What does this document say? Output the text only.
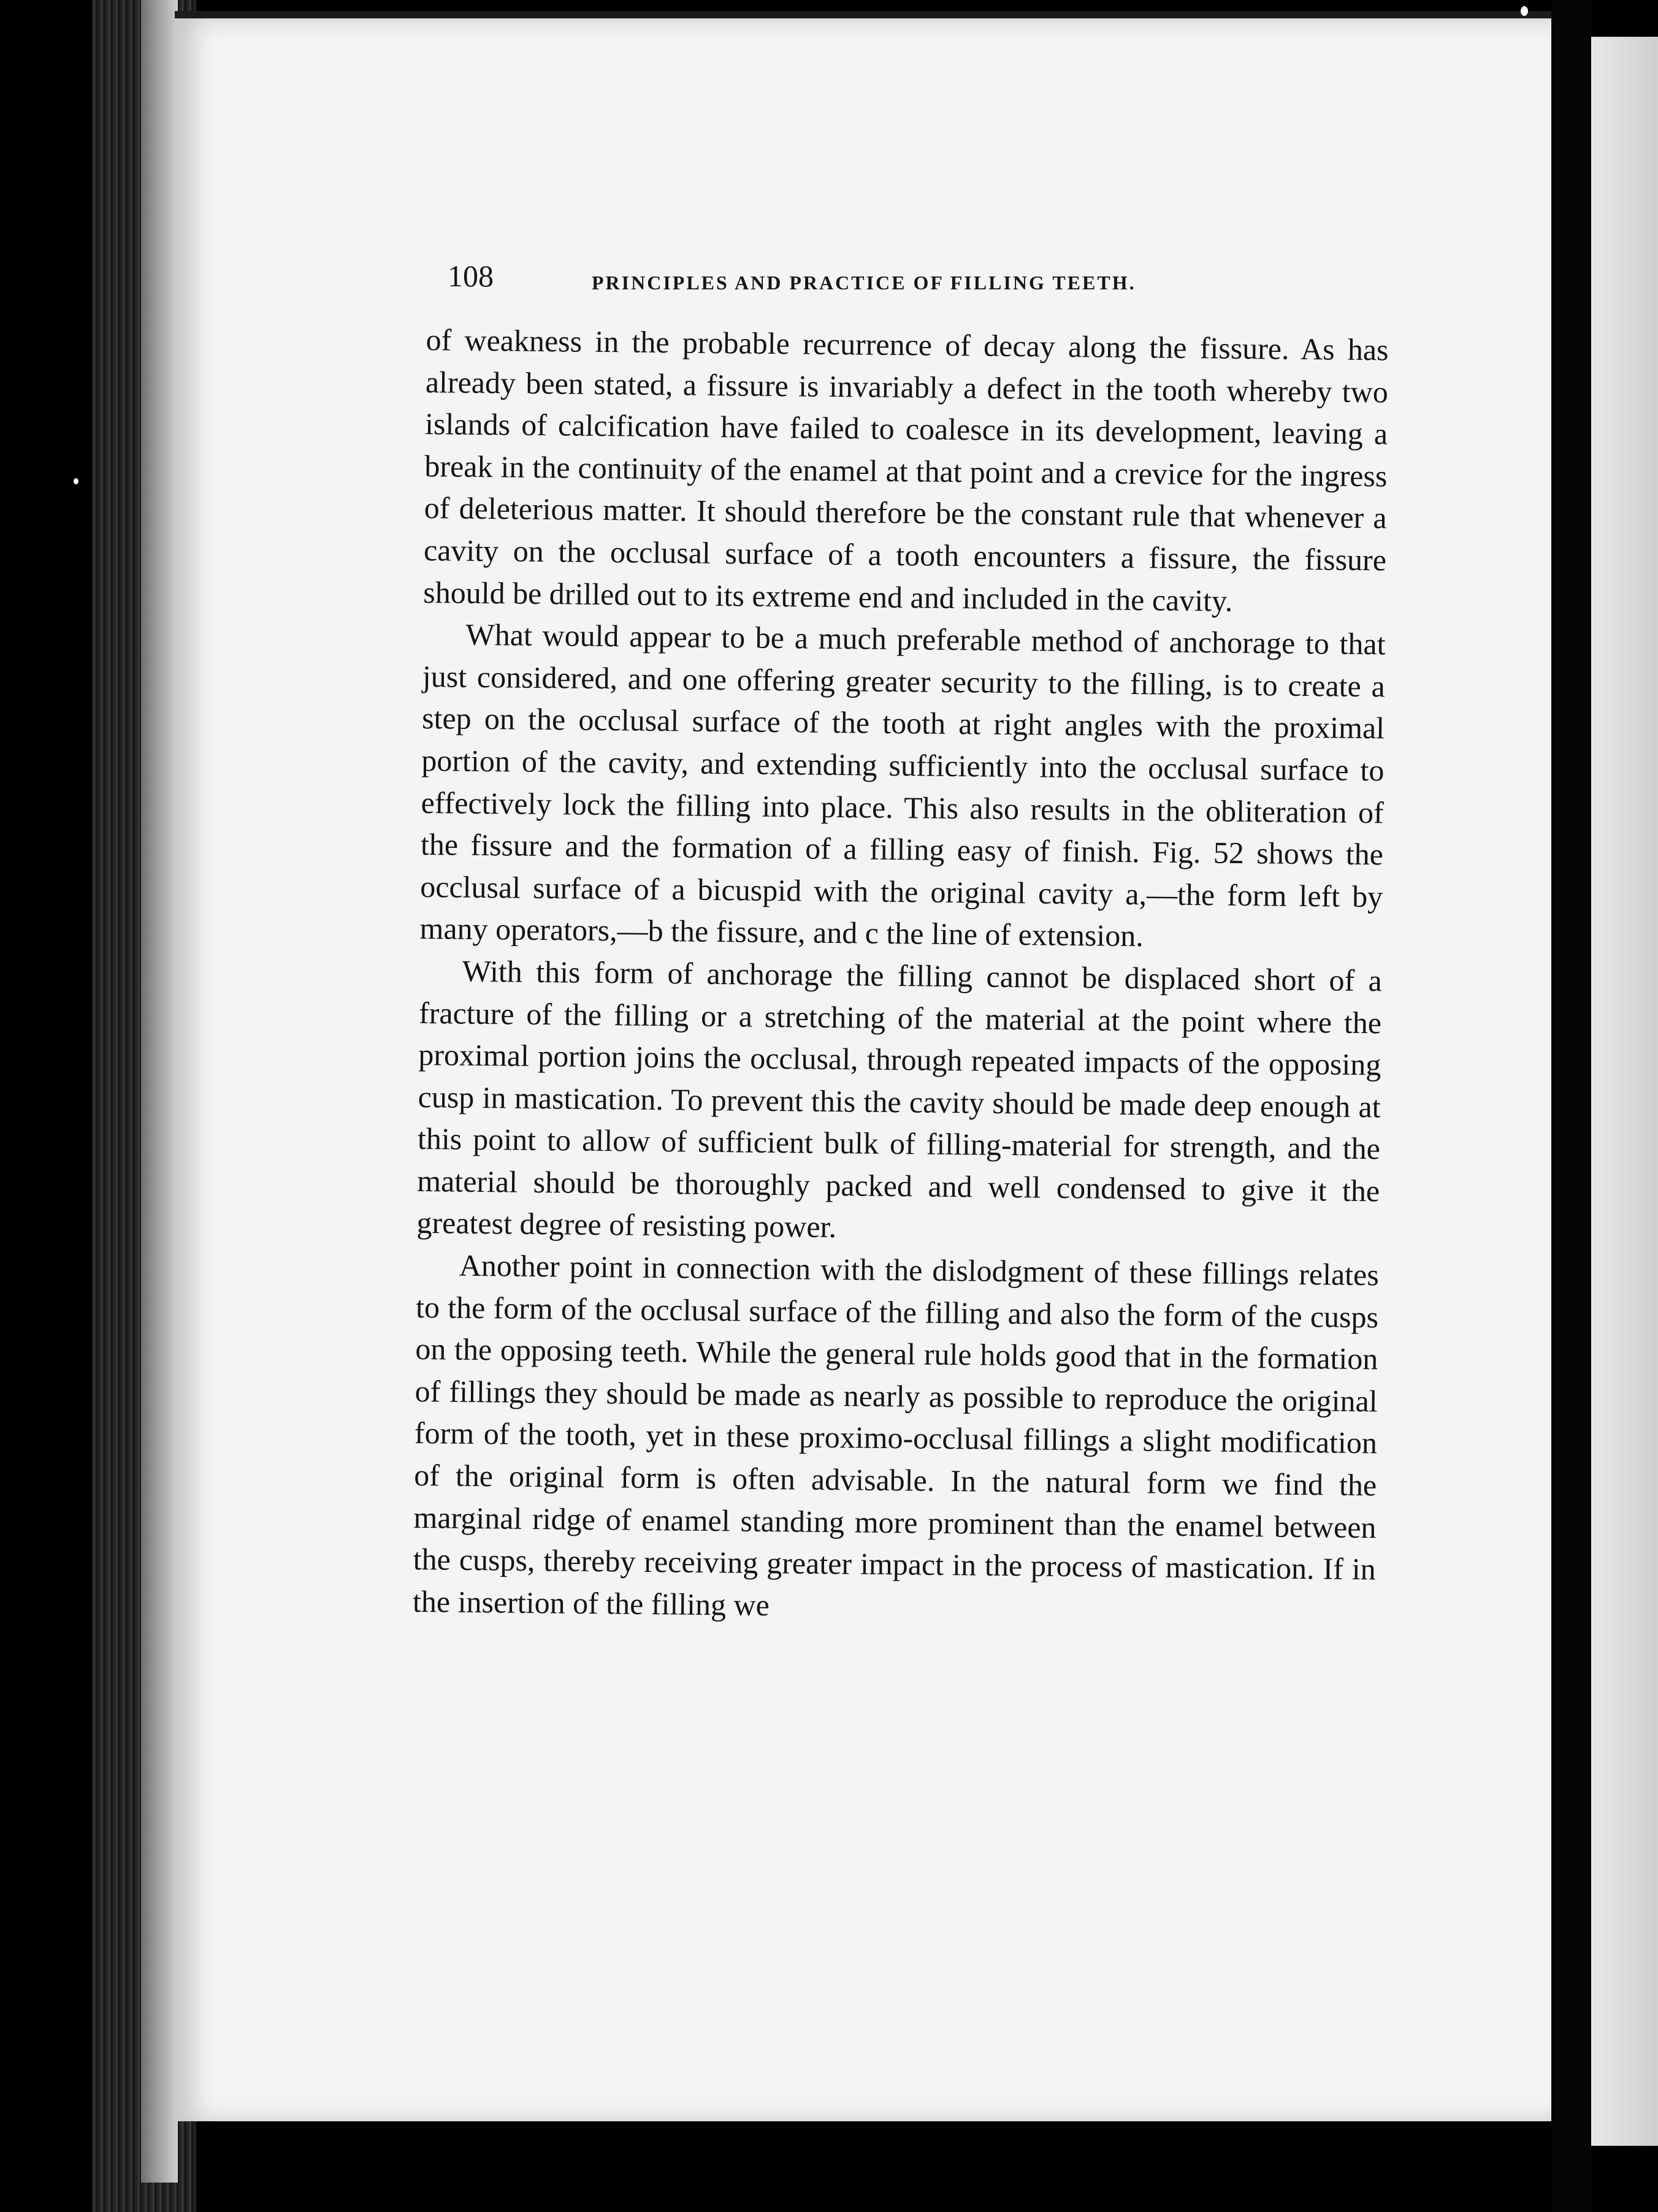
108	PRINCIPLES AND PRACTICE OF FILLING TEETH.

of weakness in the probable recurrence of decay along the fissure. As has already been stated, a fissure is invariably a defect in the tooth whereby two islands of calcification have failed to coalesce in its development, leaving a break in the continuity of the enamel at that point and a crevice for the ingress of deleterious matter. It should therefore be the constant rule that whenever a cavity on the occlusal surface of a tooth encounters a fissure, the fissure should be drilled out to its extreme end and included in the cavity.

What would appear to be a much preferable method of anchorage to that just considered, and one offering greater security to the filling, is to create a step on the occlusal surface of the tooth at right angles with the proximal portion of the cavity, and extending sufficiently into the occlusal surface to effectively lock the filling into place. This also results in the obliteration of the fissure and the formation of a filling easy of finish. Fig. 52 shows the occlusal surface of a bicuspid with the original cavity a,—the form left by many operators,—b the fissure, and c the line of extension.

With this form of anchorage the filling cannot be displaced short of a fracture of the filling or a stretching of the material at the point where the proximal portion joins the occlusal, through repeated impacts of the opposing cusp in mastication. To prevent this the cavity should be made deep enough at this point to allow of sufficient bulk of filling-material for strength, and the material should be thoroughly packed and well condensed to give it the greatest degree of resisting power.

Another point in connection with the dislodgment of these fillings relates to the form of the occlusal surface of the filling and also the form of the cusps on the opposing teeth. While the general rule holds good that in the formation of fillings they should be made as nearly as possible to reproduce the original form of the tooth, yet in these proximo-occlusal fillings a slight modification of the original form is often advisable. In the natural form we find the marginal ridge of enamel standing more prominent than the enamel between the cusps, thereby receiving greater impact in the process of mastication. If in the insertion of the filling we
